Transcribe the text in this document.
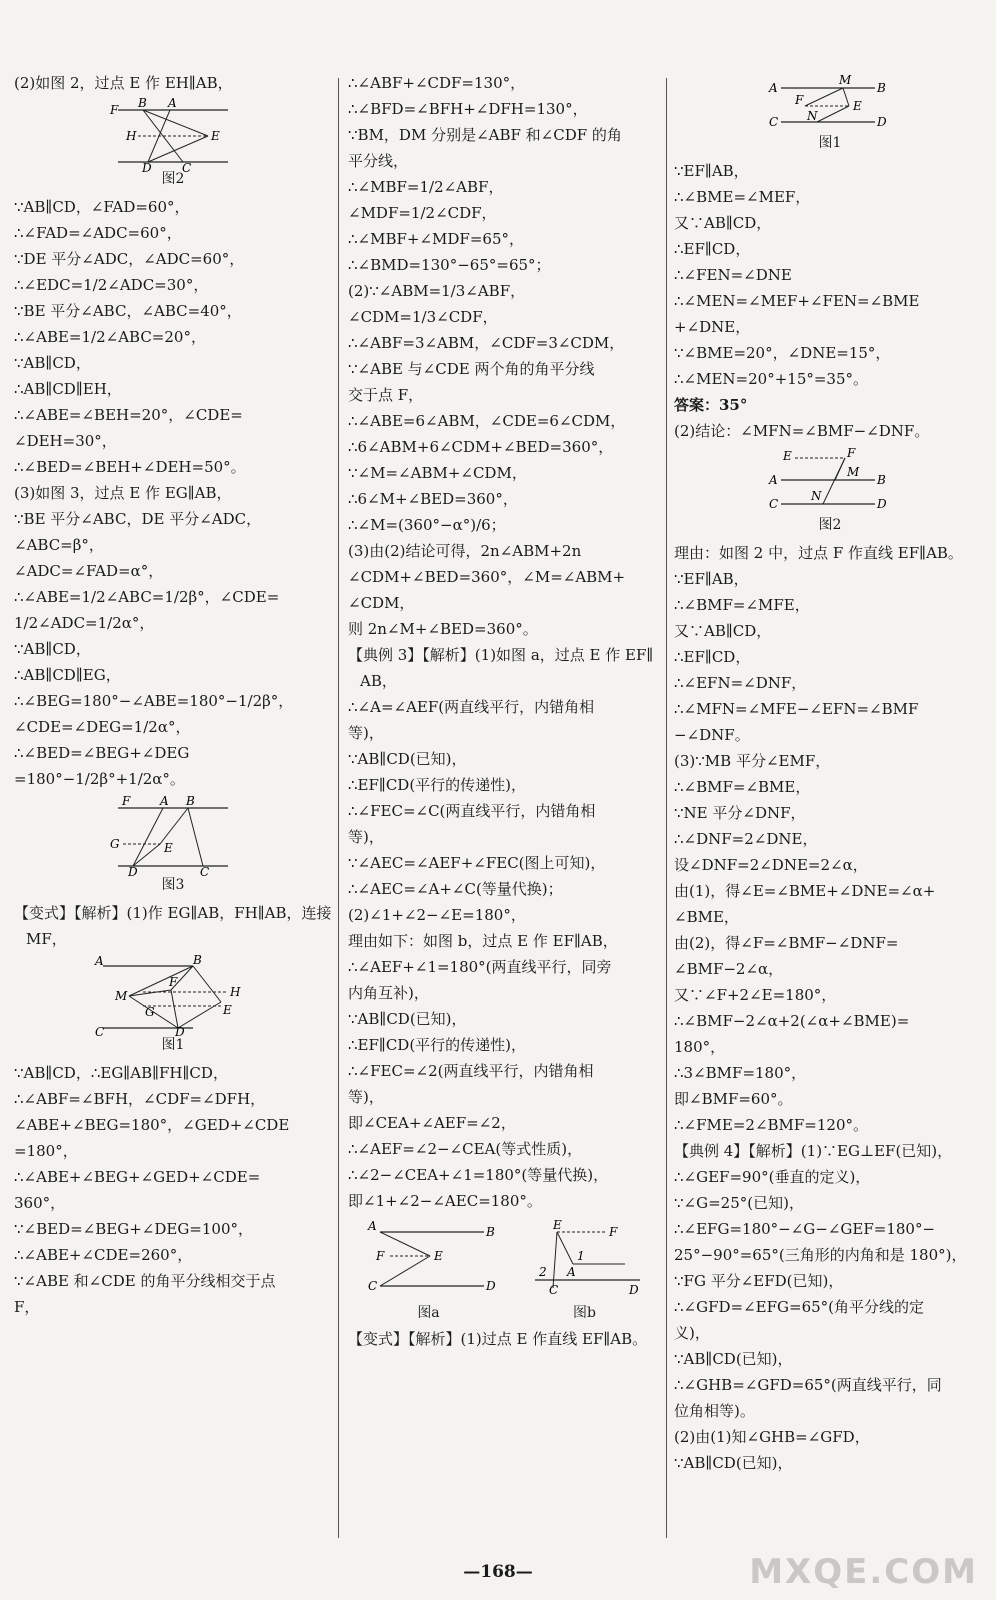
(2)如图 2，过点 E 作 EH∥AB，
F B A
H	E
D	C
图2
∵AB∥CD，∠FAD=60°，
∴∠FAD=∠ADC=60°，
∵DE 平分∠ADC，∠ADC=60°，
∴∠EDC=1/2∠ADC=30°，
∵BE 平分∠ABC，∠ABC=40°，
∴∠ABE=1/2∠ABC=20°，
∵AB∥CD，
∴AB∥CD∥EH，
∴∠ABE=∠BEH=20°，∠CDE=
∠DEH=30°，
∴∠BED=∠BEH+∠DEH=50°。
(3)如图 3，过点 E 作 EG∥AB，
∵BE 平分∠ABC，DE 平分∠ADC，
∠ABC=β°，
∠ADC=∠FAD=α°，
∴∠ABE=1/2∠ABC=1/2β°，∠CDE=
1/2∠ADC=1/2α°，
∵AB∥CD，
∴AB∥CD∥EG，
∴∠BEG=180°−∠ABE=180°−1/2β°，
∠CDE=∠DEG=1/2α°，
∴∠BED=∠BEG+∠DEG
=180°−1/2β°+1/2α°。
F A B
G	E
D	C
图3
【变式】【解析】(1)作 EG∥AB，FH∥AB，连接
MF，
A	B
M
F
H
G	E
C	D
图1
∵AB∥CD，∴EG∥AB∥FH∥CD，
∴∠ABF=∠BFH，∠CDF=∠DFH，
∠ABE+∠BEG=180°，∠GED+∠CDE
=180°，
∴∠ABE+∠BEG+∠GED+∠CDE=
360°，
∵∠BED=∠BEG+∠DEG=100°，
∴∠ABE+∠CDE=260°，
∵∠ABE 和∠CDE 的角平分线相交于点
F，
∴∠ABF+∠CDF=130°，
∴∠BFD=∠BFH+∠DFH=130°，
∵BM，DM 分别是∠ABF 和∠CDF 的角
平分线，
∴∠MBF=1/2∠ABF，
∠MDF=1/2∠CDF，
∴∠MBF+∠MDF=65°，
∴∠BMD=130°−65°=65°；
(2)∵∠ABM=1/3∠ABF，
∠CDM=1/3∠CDF，
∴∠ABF=3∠ABM，∠CDF=3∠CDM，
∵∠ABE 与∠CDE 两个角的角平分线
交于点 F，
∴∠ABE=6∠ABM，∠CDE=6∠CDM，
∴6∠ABM+6∠CDM+∠BED=360°，
∵∠M=∠ABM+∠CDM，
∴6∠M+∠BED=360°，
∴∠M=(360°−α°)/6；
(3)由(2)结论可得，2n∠ABM+2n
∠CDM+∠BED=360°，∠M=∠ABM+
∠CDM，
则 2n∠M+∠BED=360°。
【典例 3】【解析】(1)如图 a，过点 E 作 EF∥
AB，
∴∠A=∠AEF(两直线平行，内错角相
等)，
∵AB∥CD(已知)，
∴EF∥CD(平行的传递性)，
∴∠FEC=∠C(两直线平行，内错角相
等)，
∵∠AEC=∠AEF+∠FEC(图上可知)，
∴∠AEC=∠A+∠C(等量代换)；
(2)∠1+∠2−∠E=180°，
理由如下：如图 b，过点 E 作 EF∥AB，
∴∠AEF+∠1=180°(两直线平行，同旁
内角互补)，
∵AB∥CD(已知)，
∴EF∥CD(平行的传递性)，
∴∠FEC=∠2(两直线平行，内错角相
等)，
即∠CEA+∠AEF=∠2，
∴∠AEF=∠2−∠CEA(等式性质)，
∴∠2−∠CEA+∠1=180°(等量代换)，
即∠1+∠2−∠AEC=180°。
A	B
F	E
C	D
图a
E	F
1
A
2
C	D
图b
【变式】【解析】(1)过点 E 作直线 EF∥AB。
A
M
B
F	E
C N	D
图1
∵EF∥AB，
∴∠BME=∠MEF，
又∵AB∥CD，
∴EF∥CD，
∴∠FEN=∠DNE
∴∠MEN=∠MEF+∠FEN=∠BME
+∠DNE，
∵∠BME=20°，∠DNE=15°，
∴∠MEN=20°+15°=35°。
答案：35°
(2)结论：∠MFN=∠BMF−∠DNF。
E	F
M
A	B
C
N
D
图2
理由：如图 2 中，过点 F 作直线 EF∥AB。
∵EF∥AB，
∴∠BMF=∠MFE，
又∵AB∥CD，
∴EF∥CD，
∴∠EFN=∠DNF，
∴∠MFN=∠MFE−∠EFN=∠BMF
−∠DNF。
(3)∵MB 平分∠EMF，
∴∠BMF=∠BME，
∵NE 平分∠DNF，
∴∠DNF=2∠DNE，
设∠DNF=2∠DNE=2∠α，
由(1)，得∠E=∠BME+∠DNE=∠α+
∠BME，
由(2)，得∠F=∠BMF−∠DNF=
∠BMF−2∠α，
又∵∠F+2∠E=180°，
∴∠BMF−2∠α+2(∠α+∠BME)=
180°，
∴3∠BMF=180°，
即∠BMF=60°。
∴∠FME=2∠BMF=120°。
【典例 4】【解析】(1)∵EG⊥EF(已知)，
∴∠GEF=90°(垂直的定义)，
∵∠G=25°(已知)，
∴∠EFG=180°−∠G−∠GEF=180°−
25°−90°=65°(三角形的内角和是 180°)，
∵FG 平分∠EFD(已知)，
∴∠GFD=∠EFG=65°(角平分线的定
义)，
∵AB∥CD(已知)，
∴∠GHB=∠GFD=65°(两直线平行，同
位角相等)。
(2)由(1)知∠GHB=∠GFD，
∵AB∥CD(已知)，
—168—	MXQE.COM
